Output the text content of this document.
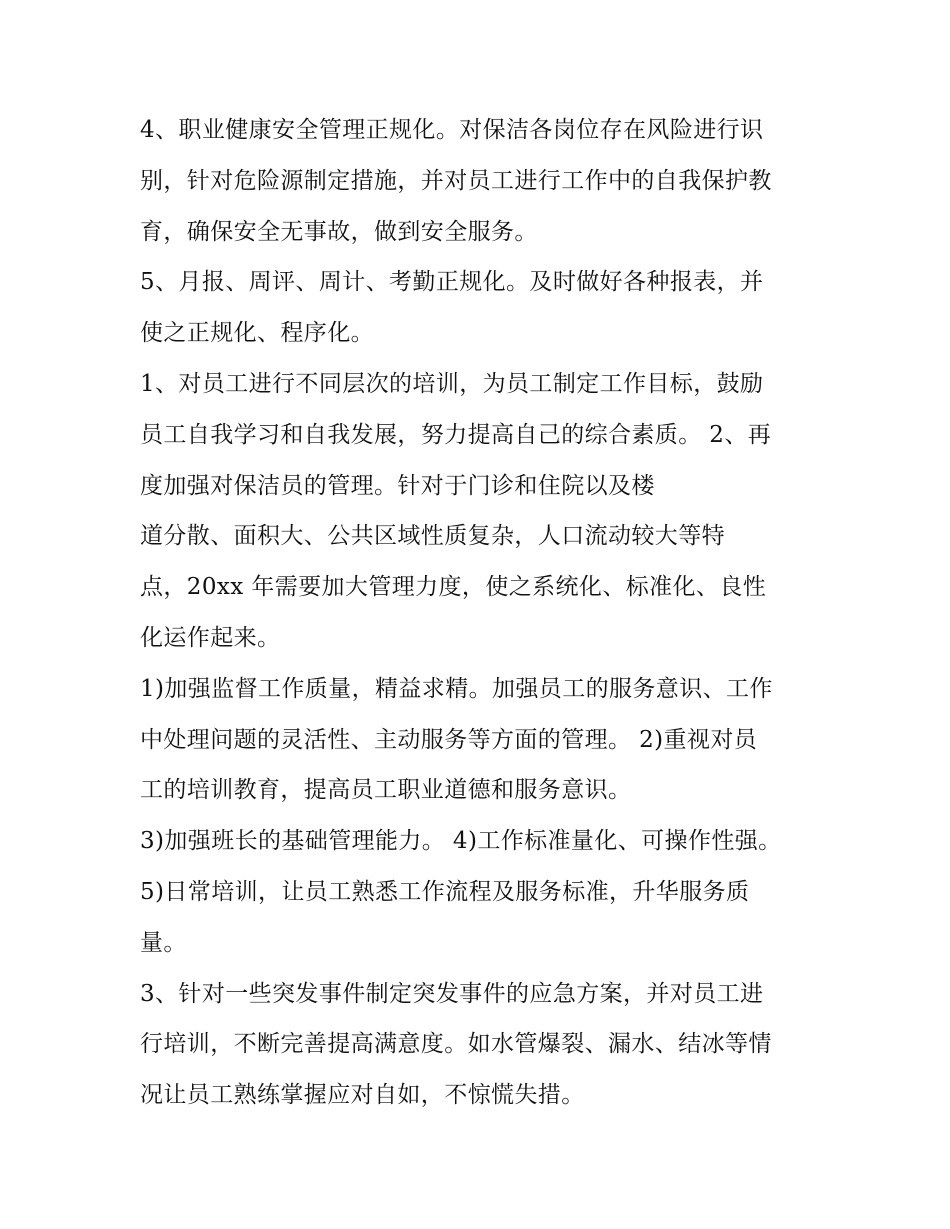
4、职业健康安全管理正规化。对保洁各岗位存在风险进行识
别，针对危险源制定措施，并对员工进行工作中的自我保护教
育，确保安全无事故，做到安全服务。
5、月报、周评、周计、考勤正规化。及时做好各种报表，并
使之正规化、程序化。
1、对员工进行不同层次的培训，为员工制定工作目标，鼓励
员工自我学习和自我发展，努力提高自己的综合素质。 2、再
度加强对保洁员的管理。针对于门诊和住院以及楼
道分散、面积大、公共区域性质复杂，人口流动较大等特
点，20xx 年需要加大管理力度，使之系统化、标准化、良性
化运作起来。
1)加强监督工作质量，精益求精。加强员工的服务意识、工作
中处理问题的灵活性、主动服务等方面的管理。 2)重视对员
工的培训教育，提高员工职业道德和服务意识。
3)加强班长的基础管理能力。 4)工作标准量化、可操作性强。
5)日常培训，让员工熟悉工作流程及服务标准，升华服务质
量。
3、针对一些突发事件制定突发事件的应急方案，并对员工进
行培训，不断完善提高满意度。如水管爆裂、漏水、结冰等情
况让员工熟练掌握应对自如，不惊慌失措。
